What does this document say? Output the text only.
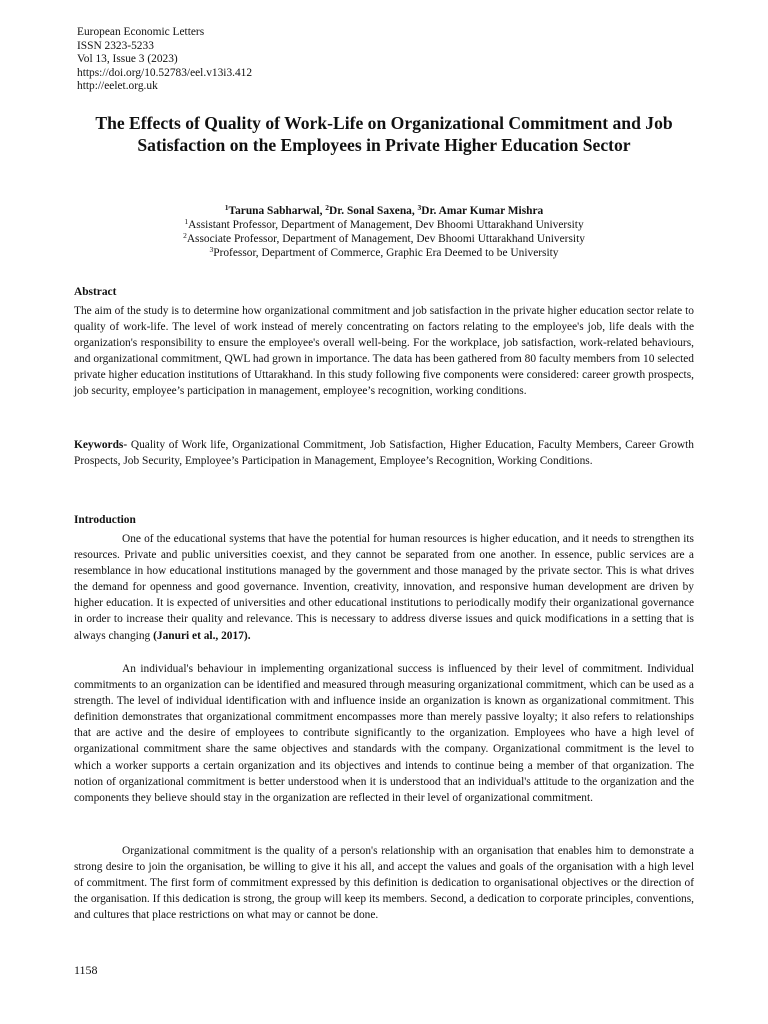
European Economic Letters
ISSN 2323-5233
Vol 13, Issue 3 (2023)
https://doi.org/10.52783/eel.v13i3.412
http://eelet.org.uk
The Effects of Quality of Work-Life on Organizational Commitment and Job Satisfaction on the Employees in Private Higher Education Sector
$^1$Taruna Sabharwal, $^2$Dr. Sonal Saxena, $^3$Dr. Amar Kumar Mishra
$^1$Assistant Professor, Department of Management, Dev Bhoomi Uttarakhand University
$^2$Associate Professor, Department of Management, Dev Bhoomi Uttarakhand University
$^3$Professor, Department of Commerce, Graphic Era Deemed to be University
Abstract

The aim of the study is to determine how organizational commitment and job satisfaction in the private higher education sector relate to quality of work-life. The level of work instead of merely concentrating on factors relating to the employee's job, life deals with the organization's responsibility to ensure the employee's overall well-being. For the workplace, job satisfaction, work-related behaviours, and organizational commitment, QWL had grown in importance. The data has been gathered from 80 faculty members from 10 selected private higher education institutions of Uttarakhand. In this study following five components were considered: career growth prospects, job security, employee’s participation in management, employee’s recognition, working conditions.

Keywords- Quality of Work life, Organizational Commitment, Job Satisfaction, Higher Education, Faculty Members, Career Growth Prospects, Job Security, Employee’s Participation in Management, Employee’s Recognition, Working Conditions.

Introduction

One of the educational systems that have the potential for human resources is higher education, and it needs to strengthen its resources. Private and public universities coexist, and they cannot be separated from one another. In essence, public services are a resemblance in how educational institutions managed by the government and those managed by the private sector. This is what drives the demand for openness and good governance. Invention, creativity, innovation, and responsive human development are driven by higher education. It is expected of universities and other educational institutions to periodically modify their organizational governance in order to increase their quality and relevance. This is necessary to address diverse issues and quick modifications in a setting that is always changing (Januri et al., 2017).

An individual's behaviour in implementing organizational success is influenced by their level of commitment. Individual commitments to an organization can be identified and measured through measuring organizational commitment, which can be used as a strength. The level of individual identification with and influence inside an organization is known as organizational commitment. This definition demonstrates that organizational commitment encompasses more than merely passive loyalty; it also refers to relationships that are active and the desire of employees to contribute significantly to the organization. Employees who have a high level of organizational commitment share the same objectives and standards with the company. Organizational commitment is the level to which a worker supports a certain organization and its objectives and intends to continue being a member of that organization. The notion of organizational commitment is better understood when it is understood that an individual's attitude to the organization and the components they believe should stay in the organization are reflected in their level of organizational commitment.

Organizational commitment is the quality of a person's relationship with an organisation that enables him to demonstrate a strong desire to join the organisation, be willing to give it his all, and accept the values and goals of the organisation with a high level of commitment. The first form of commitment expressed by this definition is dedication to organisational objectives or the direction of the organisation. If this dedication is strong, the group will keep its members. Second, a dedication to corporate principles, conventions, and cultures that place restrictions on what may or cannot be done.

1158
